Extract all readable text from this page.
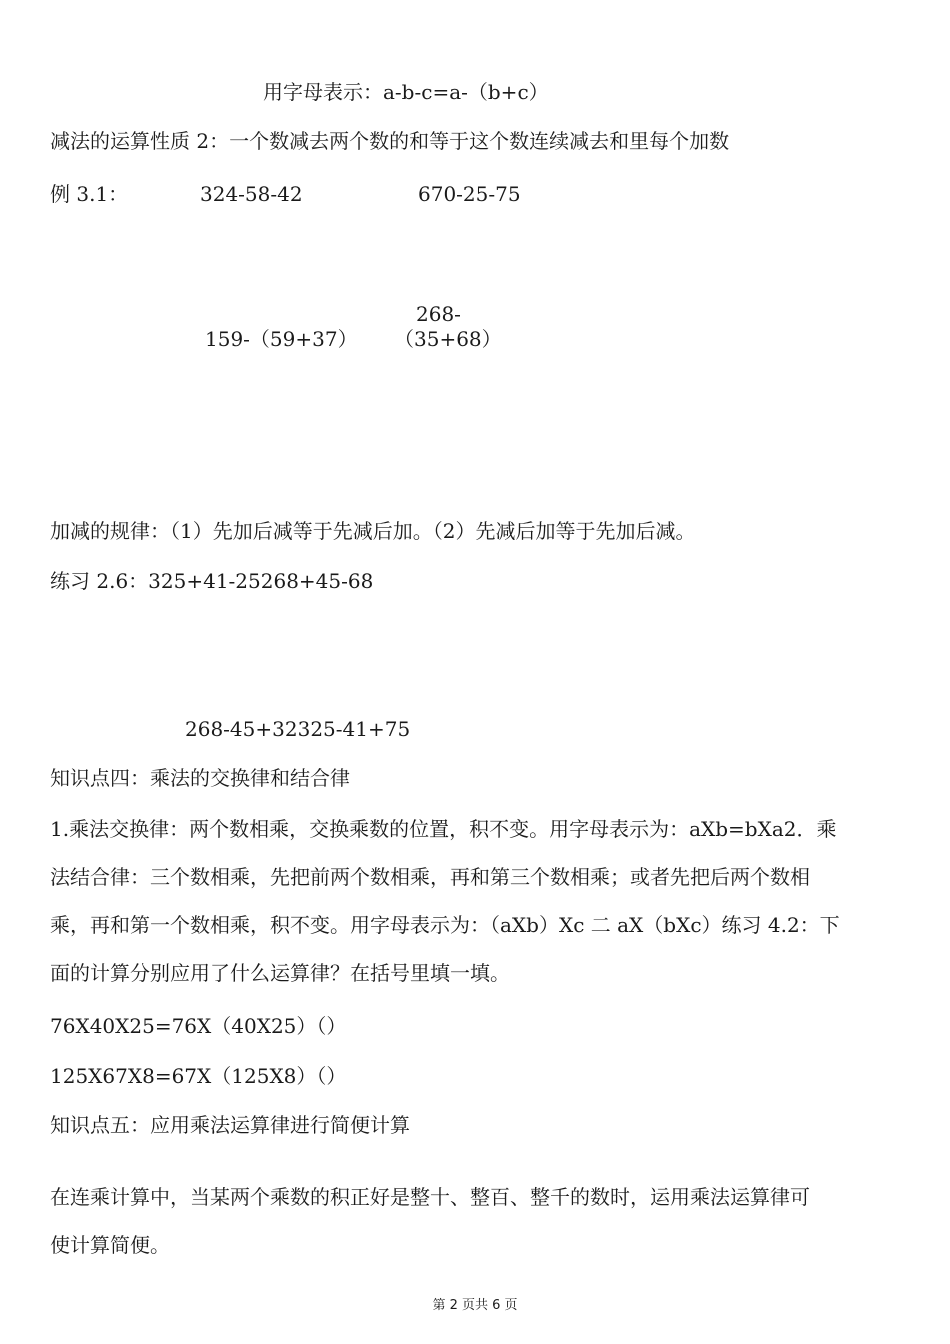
用字母表示：a-b-c=a-（b+c）
减法的运算性质 2：一个数减去两个数的和等于这个数连续减去和里每个加数
例 3.1：	324-58-42	670-25-75
268-
159-（59+37） （35+68）
加减的规律：（1）先加后减等于先减后加。（2）先减后加等于先加后减。
练习 2.6：325+41-25268+45-68
268-45+32325-41+75
知识点四：乘法的交换律和结合律
1.乘法交换律：两个数相乘，交换乘数的位置，积不变。用字母表示为：aXb=bXa2．乘
法结合律：三个数相乘，先把前两个数相乘，再和第三个数相乘；或者先把后两个数相
乘，再和第一个数相乘，积不变。用字母表示为：（aXb）Xc 二 aX（bXc）练习 4.2：下
面的计算分别应用了什么运算律？在括号里填一填。
76X40X25=76X（40X25）（）
125X67X8=67X（125X8）（）
知识点五：应用乘法运算律进行简便计算
在连乘计算中，当某两个乘数的积正好是整十、整百、整千的数时，运用乘法运算律可
使计算简便。
第 2 页共 6 页
